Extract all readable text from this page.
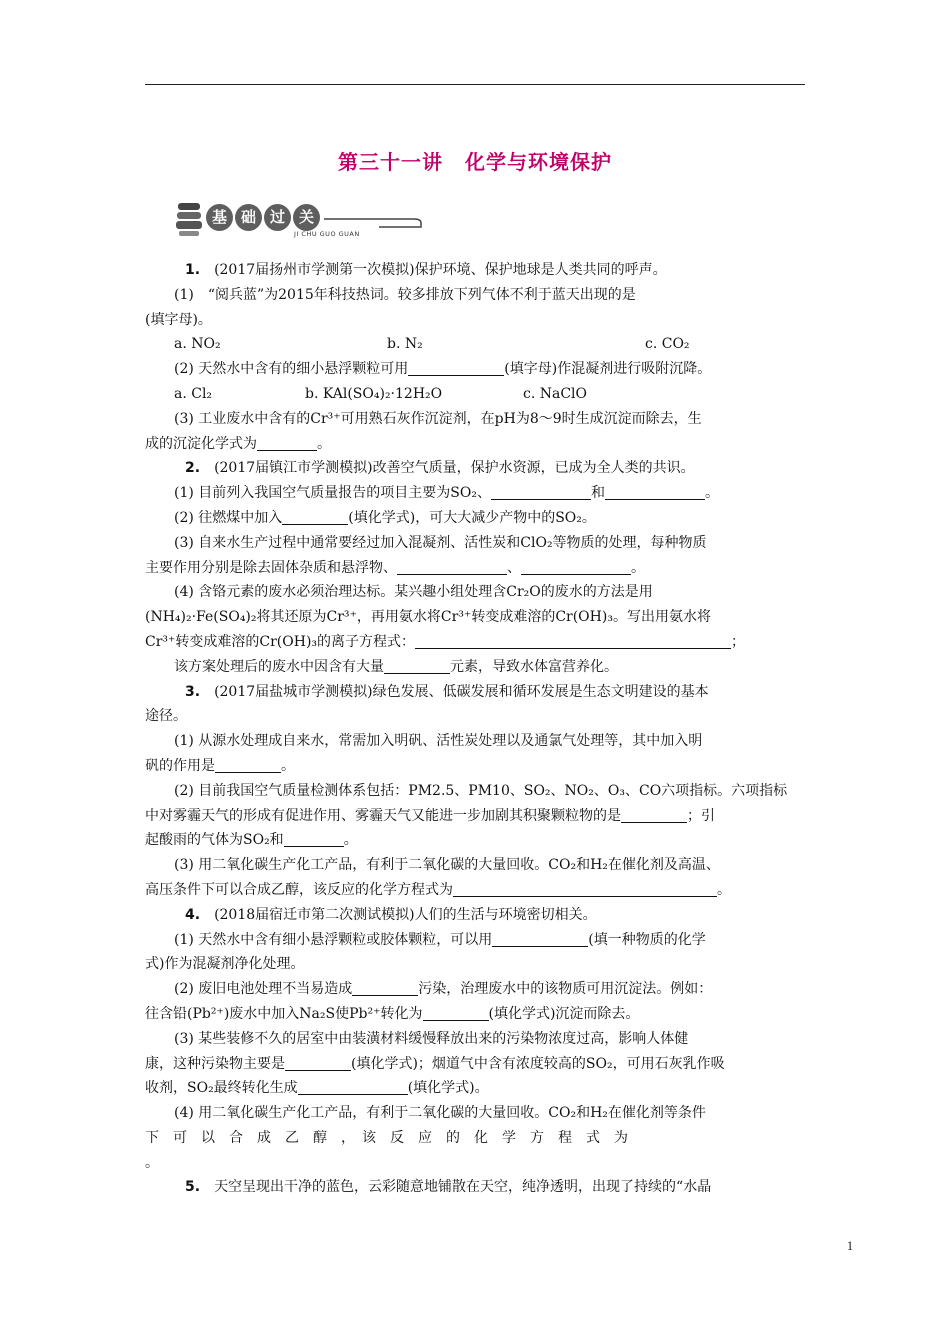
第三十一讲 化学与环境保护
基 础 过 关
JI CHU GUO GUAN

1.　 (2017届扬州市学测第一次模拟)保护环境、保护地球是人类共同的呼声。

(1)　“阅兵蓝”为2015年科技热词。较多排放下列气体不利于蓝天出现的是

(填字母)。

a. NO₂	b. N₂	c. CO₂

(2) 天然水中含有的细小悬浮颗粒可用	(填字母)作混凝剂进行吸附沉降。

a. Cl₂	b. KAl(SO₄)₂·12H₂O	c. NaClO

(3) 工业废水中含有的Cr³⁺可用熟石灰作沉淀剂，在pH为8～9时生成沉淀而除去，生

成的沉淀化学式为	。

2.　 (2017届镇江市学测模拟)改善空气质量，保护水资源，已成为全人类的共识。

(1) 目前列入我国空气质量报告的项目主要为SO₂、	和	。

(2) 往燃煤中加入	(填化学式)，可大大减少产物中的SO₂。

(3) 自来水生产过程中通常要经过加入混凝剂、活性炭和ClO₂等物质的处理，每种物质

主要作用分别是除去固体杂质和悬浮物、	、	。

(4) 含铬元素的废水必须治理达标。某兴趣小组处理含Cr₂O的废水的方法是用

(NH₄)₂·Fe(SO₄)₂将其还原为Cr³⁺，再用氨水将Cr³⁺转变成难溶的Cr(OH)₃。写出用氨水将

Cr³⁺转变成难溶的Cr(OH)₃的离子方程式：	；

该方案处理后的废水中因含有大量	元素，导致水体富营养化。

3.　 (2017届盐城市学测模拟)绿色发展、低碳发展和循环发展是生态文明建设的基本

途径。

(1) 从源水处理成自来水，常需加入明矾、活性炭处理以及通氯气处理等，其中加入明

矾的作用是	。

(2) 目前我国空气质量检测体系包括：PM2.5、PM10、SO₂、NO₂、O₃、CO六项指标。六项指标

中对雾霾天气的形成有促进作用、雾霾天气又能进一步加剧其积聚颗粒物的是	；引

起酸雨的气体为SO₂和	。

(3) 用二氧化碳生产化工产品，有利于二氧化碳的大量回收。CO₂和H₂在催化剂及高温、

高压条件下可以合成乙醇，该反应的化学方程式为	。

4.　 (2018届宿迁市第二次测试模拟)人们的生活与环境密切相关。

(1) 天然水中含有细小悬浮颗粒或胶体颗粒，可以用	(填一种物质的化学

式)作为混凝剂净化处理。

(2) 废旧电池处理不当易造成	污染，治理废水中的该物质可用沉淀法。例如：

往含铅(Pb²⁺)废水中加入Na₂S使Pb²⁺转化为	(填化学式)沉淀而除去。

(3) 某些装修不久的居室中由装潢材料缓慢释放出来的污染物浓度过高，影响人体健

康，这种污染物主要是	(填化学式)；烟道气中含有浓度较高的SO₂，可用石灰乳作吸

收剂，SO₂最终转化生成	(填化学式)。

(4) 用二氧化碳生产化工产品，有利于二氧化碳的大量回收。CO₂和H₂在催化剂等条件

下　可　以　合　成　乙　醇　，　该　反　应　的　化　学　方　程　式　为

。

5.　 天空呈现出干净的蓝色，云彩随意地铺散在天空，纯净透明，出现了持续的“水晶

1
